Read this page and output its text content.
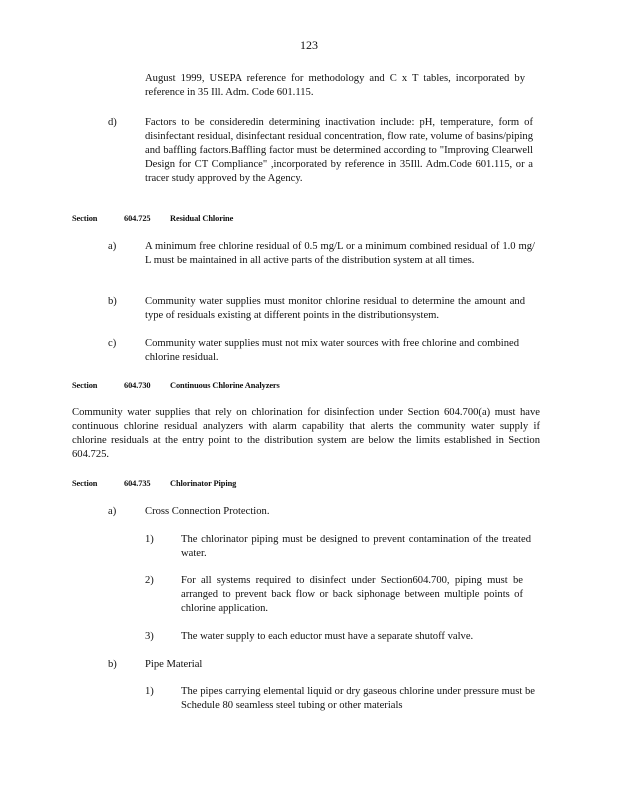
123
August 1999, USEPA reference for methodology and C x T tables, incorporated by reference in 35 Ill. Adm. Code 601.115.
d)	Factors to be consideredin determining inactivation include: pH, temperature, form of disinfectant residual, disinfectant residual concentration, flow rate, volume of basins/piping and baffling factors.Baffling factor must be determined according to "Improving Clearwell Design for CT Compliance" ,incorporated by reference in 35Ill. Adm.Code 601.115, or a tracer study approved by the Agency.
Section	604.725 Residual Chlorine
a)	A minimum free chlorine residual of 0.5 mg/L or a minimum combined residual of 1.0 mg/ L must be maintained in all active parts of the distribution system at all times.
b)	Community water supplies must monitor chlorine residual to determine the amount and type of residuals existing at different points in the distributionsystem.
c)	Community water supplies must not mix water sources with free chlorine and combined chlorine residual.
Section	604.730 Continuous Chlorine Analyzers
Community water supplies that rely on chlorination for disinfection under Section 604.700(a) must have continuous chlorine residual analyzers with alarm capability that alerts the community water supply if chlorine residuals at the entry point to the distribution system are below the limits established in Section 604.725.
Section	604.735 Chlorinator Piping
a)	Cross Connection Protection.
1)	The chlorinator piping must be designed to prevent contamination of the treated water.
2)	For all systems required to disinfect under Section604.700, piping must be arranged to prevent back flow or back siphonage between multiple points of chlorine application.
3)	The water supply to each eductor must have a separate shutoff valve.
b)	Pipe Material
1)	The pipes carrying elemental liquid or dry gaseous chlorine under pressure must be Schedule 80 seamless steel tubing or other materials
